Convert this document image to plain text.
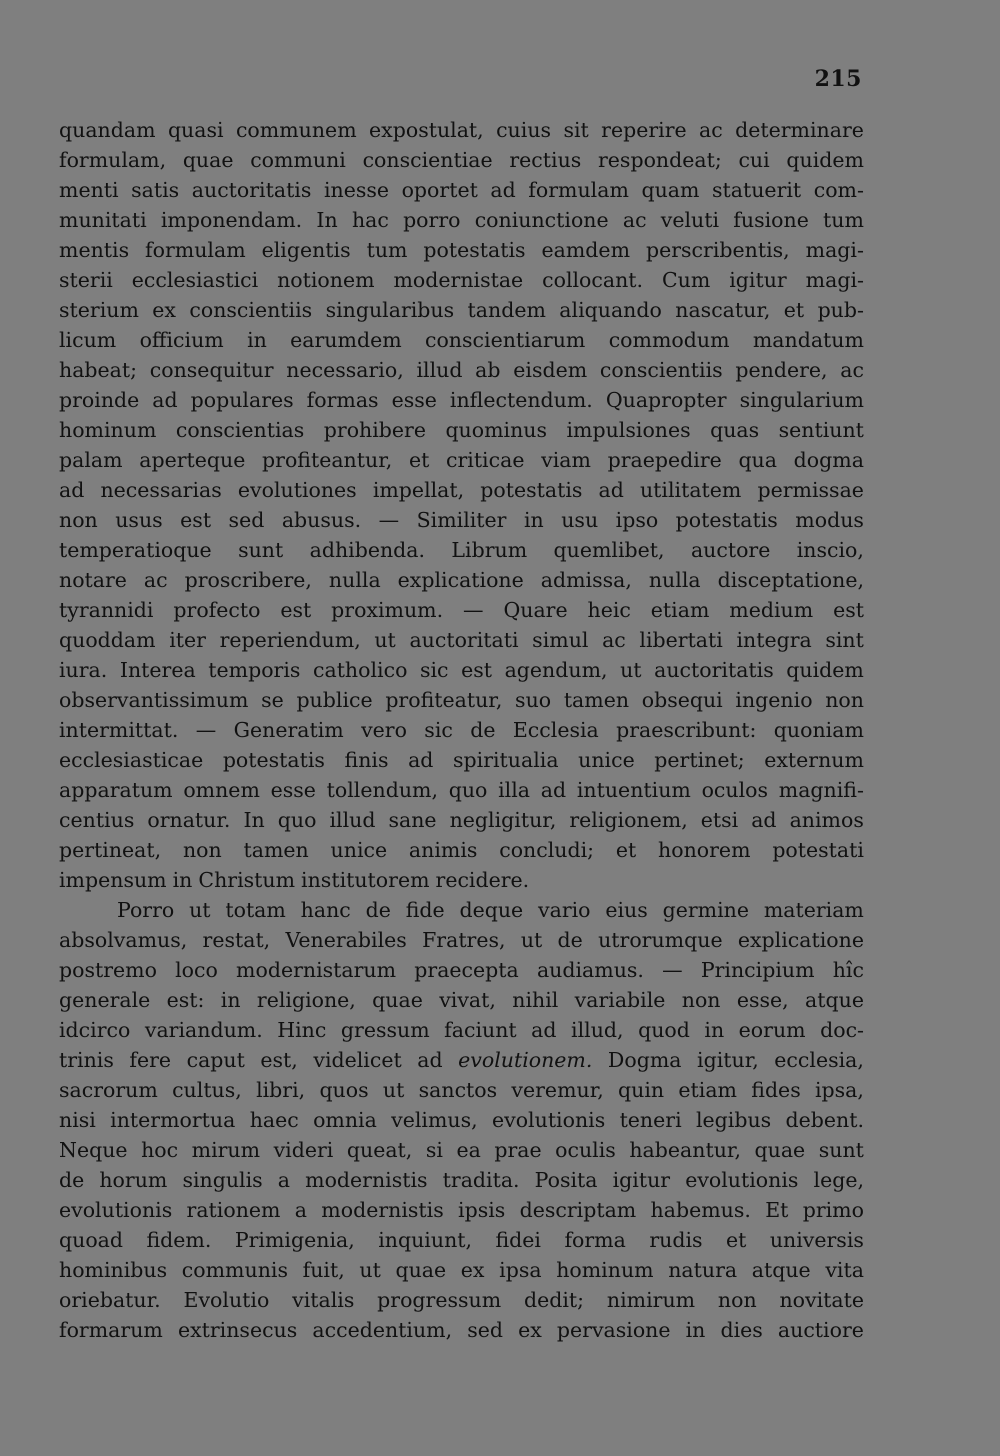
215
quandam quasi communem expostulat, cuius sit reperire ac determinare
formulam, quae communi conscientiae rectius respondeat; cui quidem
menti satis auctoritatis inesse oportet ad formulam quam statuerit com-
munitati imponendam. In hac porro coniunctione ac veluti fusione tum
mentis formulam eligentis tum potestatis eamdem perscribentis, magi-
sterii ecclesiastici notionem modernistae collocant. Cum igitur magi-
sterium ex conscientiis singularibus tandem aliquando nascatur, et pub-
licum officium in earumdem conscientiarum commodum mandatum
habeat; consequitur necessario, illud ab eisdem conscientiis pendere, ac
proinde ad populares formas esse inflectendum. Quapropter singularium
hominum conscientias prohibere quominus impulsiones quas sentiunt
palam aperteque profiteantur, et criticae viam praepedire qua dogma
ad necessarias evolutiones impellat, potestatis ad utilitatem permissae
non usus est sed abusus. — Similiter in usu ipso potestatis modus
temperatioque sunt adhibenda. Librum quemlibet, auctore inscio,
notare ac proscribere, nulla explicatione admissa, nulla disceptatione,
tyrannidi profecto est proximum. — Quare heic etiam medium est
quoddam iter reperiendum, ut auctoritati simul ac libertati integra sint
iura. Interea temporis catholico sic est agendum, ut auctoritatis quidem
observantissimum se publice profiteatur, suo tamen obsequi ingenio non
intermittat. — Generatim vero sic de Ecclesia praescribunt: quoniam
ecclesiasticae potestatis finis ad spiritualia unice pertinet; externum
apparatum omnem esse tollendum, quo illa ad intuentium oculos magnifi-
centius ornatur. In quo illud sane negligitur, religionem, etsi ad animos
pertineat, non tamen unice animis concludi; et honorem potestati
impensum in Christum institutorem recidere.
Porro ut totam hanc de fide deque vario eius germine materiam
absolvamus, restat, Venerabiles Fratres, ut de utrorumque explicatione
postremo loco modernistarum praecepta audiamus. — Principium hîc
generale est: in religione, quae vivat, nihil variabile non esse, atque
idcirco variandum. Hinc gressum faciunt ad illud, quod in eorum doc-
trinis fere caput est, videlicet ad evolutionem. Dogma igitur, ecclesia,
sacrorum cultus, libri, quos ut sanctos veremur, quin etiam fides ipsa,
nisi intermortua haec omnia velimus, evolutionis teneri legibus debent.
Neque hoc mirum videri queat, si ea prae oculis habeantur, quae sunt
de horum singulis a modernistis tradita. Posita igitur evolutionis lege,
evolutionis rationem a modernistis ipsis descriptam habemus. Et primo
quoad fidem. Primigenia, inquiunt, fidei forma rudis et universis
hominibus communis fuit, ut quae ex ipsa hominum natura atque vita
oriebatur. Evolutio vitalis progressum dedit; nimirum non novitate
formarum extrinsecus accedentium, sed ex pervasione in dies auctiore
